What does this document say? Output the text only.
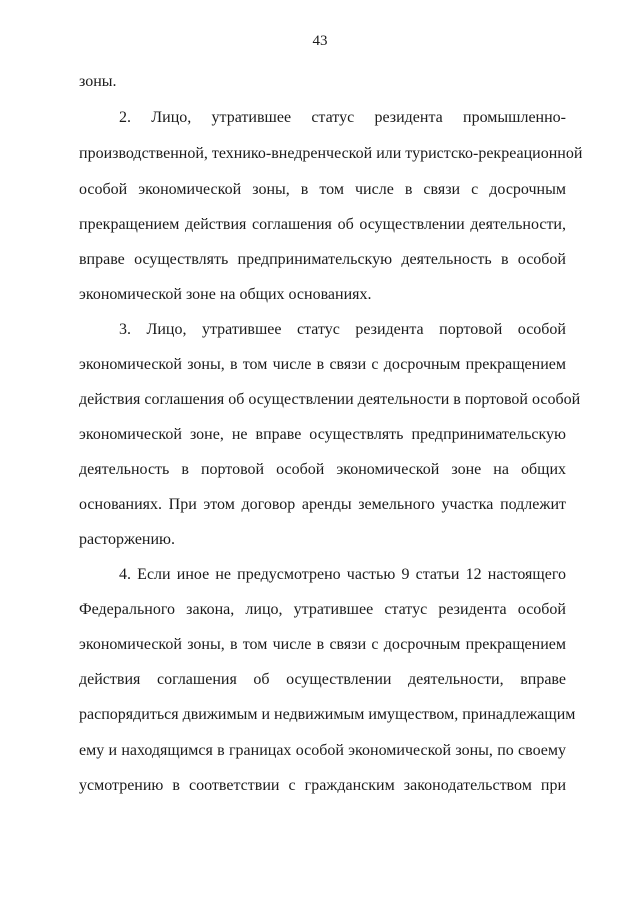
43
зоны.
2. Лицо, утратившее статус резидента промышленно-
производственной, технико-внедренческой или туристско-рекреационной
особой экономической зоны, в том числе в связи с досрочным
прекращением действия соглашения об осуществлении деятельности,
вправе осуществлять предпринимательскую деятельность в особой
экономической зоне на общих основаниях.
3. Лицо, утратившее статус резидента портовой особой
экономической зоны, в том числе в связи с досрочным прекращением
действия соглашения об осуществлении деятельности в портовой особой
экономической зоне, не вправе осуществлять предпринимательскую
деятельность в портовой особой экономической зоне на общих
основаниях. При этом договор аренды земельного участка подлежит
расторжению.
4. Если иное не предусмотрено частью 9 статьи 12 настоящего
Федерального закона, лицо, утратившее статус резидента особой
экономической зоны, в том числе в связи с досрочным прекращением
действия соглашения об осуществлении деятельности, вправе
распорядиться движимым и недвижимым имуществом, принадлежащим
ему и находящимся в границах особой экономической зоны, по своему
усмотрению в соответствии с гражданским законодательством при
